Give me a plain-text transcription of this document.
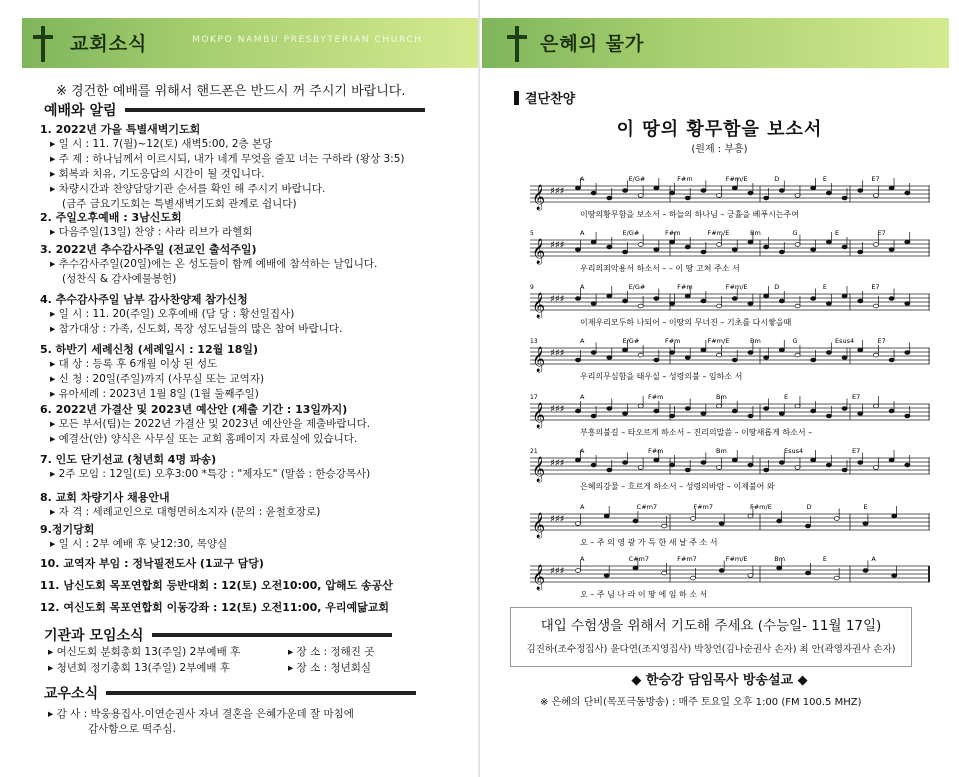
교회소식	MOKPO NAMBU PRESBYTERIAN CHURCH
※ 경건한 예배를 위해서 핸드폰은 반드시 꺼 주시기 바랍니다.
예배와 알림
1. 2022년 가을 특별새벽기도회
▸ 일 시 : 11. 7(월)~12(토) 새벽5:00, 2층 본당
▸ 주 제 : 하나님께서 이르시되, 내가 네게 무엇을 줄꼬 너는 구하라 (왕상 3:5)
▸ 회복과 치유, 기도응답의 시간이 될 것입니다.
▸ 차량시간과 찬양담당기관 순서를 확인 해 주시기 바랍니다.
(금주 금요기도회는 특별새벽기도회 관계로 쉽니다)
2. 주일오후예배 : 3남신도회
▸ 다음주일(13일) 찬양 : 사라 리브가 라헬회
3. 2022년 추수감사주일 (전교인 출석주일)
▸ 추수감사주일(20일)에는 온 성도들이 함께 예배에 참석하는 날입니다.
(성찬식 & 감사예물봉헌)
4. 추수감사주일 남부 감사찬양제 참가신청
▸ 일 시 : 11. 20(주일) 오후예배 (담 당 : 황선일집사)
▸ 참가대상 : 가족, 신도회, 목장 성도님들의 많은 참여 바랍니다.
5. 하반기 세례신청 (세례일시 : 12월 18일)
▸ 대 상 : 등록 후 6개월 이상 된 성도
▸ 신 청 : 20일(주일)까지 (사무실 또는 교역자)
▸ 유아세례 : 2023년 1월 8일 (1월 둘째주일)
6. 2022년 가결산 및 2023년 예산안 (제출 기간 : 13일까지)
▸ 모든 부서(팀)는 2022년 가결산 및 2023년 예산안을 제출바랍니다.
▸ 예결산(안) 양식은 사무실 또는 교회 홈페이지 자료실에 있습니다.
7. 인도 단기선교 (청년회 4명 파송)
▸ 2주 모임 : 12일(토) 오후3:00 *특강 : "제자도" (말씀 : 한승강목사)
8. 교회 차량기사 채용안내
▸ 자 격 : 세례교인으로 대형면허소지자 (문의 : 윤철호장로)
9.정기당회
▸ 일 시 : 2부 예배 후 낮12:30, 목양실
10. 교역자 부임 : 정낙필전도사 (1교구 담당)
11. 남신도회 목포연합회 등반대회 : 12(토) 오전10:00, 압해도 송공산
12. 여신도회 목포연합회 이동강좌 : 12(토) 오전11:00, 우리예닮교회
기관과 모임소식
▸ 여신도회 분회총회 13(주일) 2부예배 후	▸ 장 소 : 정해진 곳
▸ 청년회 정기총회 13(주일) 2부예배 후	▸ 장 소 : 청년회실
교우소식
▸ 감 사 : 박웅용집사.이연순권사 자녀 결혼을 은혜가운데 잘 마침에
감사함으로 떡주심.
은혜의 물가
결단찬양
이 땅의 황무함을 보소서
(원제 : 부흥)
𝄞 ♯♯♯
A	E/G#	F#m	F#m/E	D	E	E7
이땅의황무함을 보소서 – 하늘의 하나님 – 긍휼을 베푸시는주여
𝄞 ♯♯♯
5	A	E/G#	F#m	F#m/E	Bm	G	E	E7
우리의죄악용서 하소서 – – 이 땅 고쳐 주소 서
𝄞 ♯♯♯
9	A	E/G#	F#m	F#m/E	D	E	E7
이제우리모두하 나되어 – 이땅의 무너진 – 기초를 다시쌓을때
𝄞 ♯♯♯
13	A	E/G#	F#m	F#m/E	Bm	G	Esus4	E7
우리의무심함을 태우실 – 성령의불 – 임하소 서
𝄞 ♯♯♯
17	A	F#m	Bm	E	E7
부흥의불길 – 타오르게 하소서 – 진리의말씀 – 이땅새롭게 하소서 –
𝄞 ♯♯♯
21	A	F#m	Bm	Esus4	E7
은혜의강물 – 흐르게 하소서 – 성령의바람 – 이제불어 와
𝄞 ♯♯♯
A	C#m7	F#m7	F#m/E	D	E
오 – 주 의 영 광 가 득 한 새 날 주 소 서
𝄞 ♯♯♯
A	C#m7	F#m7	F#m/E	Bm	E	A
오 – 주 님 나 라 이 땅 에 임 하 소 서
대입 수험생을 위해서 기도해 주세요 (수능일- 11월 17일)
김진하(조수정집사) 윤다연(조지영집사) 박창언(김나순권사 손자) 최 안(곽영자권사 손자)
◆ 한승강 담임목사 방송설교 ◆
※ 은혜의 단비(목포극동방송) : 매주 토요일 오후 1:00 (FM 100.5 MHZ)
